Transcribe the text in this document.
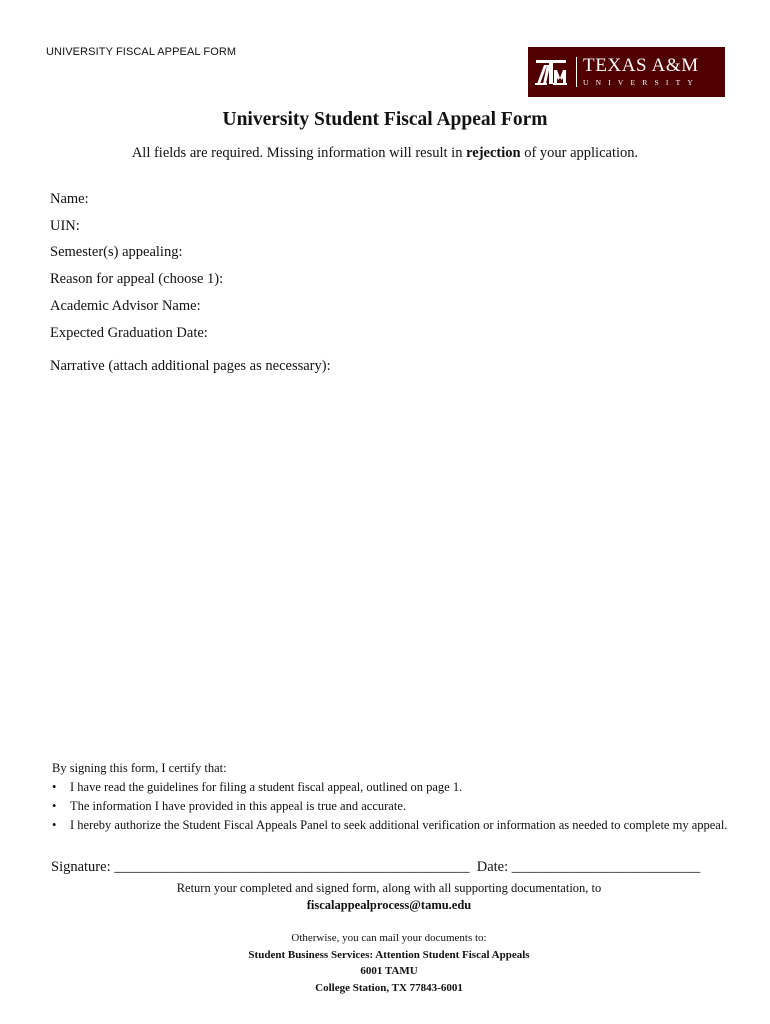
UNIVERSITY FISCAL APPEAL FORM
TEXAS A&M
UNIVERSITY
University Student Fiscal Appeal Form
All fields are required. Missing information will result in rejection of your application.
Name:
UIN:
Semester(s) appealing:
Reason for appeal (choose 1):
Academic Advisor Name:
Expected Graduation Date:
Narrative (attach additional pages as necessary):
By signing this form, I certify that:
• I have read the guidelines for filing a student fiscal appeal, outlined on page 1.
• The information I have provided in this appeal is true and accurate.
• I hereby authorize the Student Fiscal Appeals Panel to seek additional verification or information as needed to complete my appeal.
Signature: _________________________________________________  Date: __________________________
Return your completed and signed form, along with all supporting documentation, to
fiscalappealprocess@tamu.edu
Otherwise, you can mail your documents to:
Student Business Services: Attention Student Fiscal Appeals
6001 TAMU
College Station, TX 77843-6001
